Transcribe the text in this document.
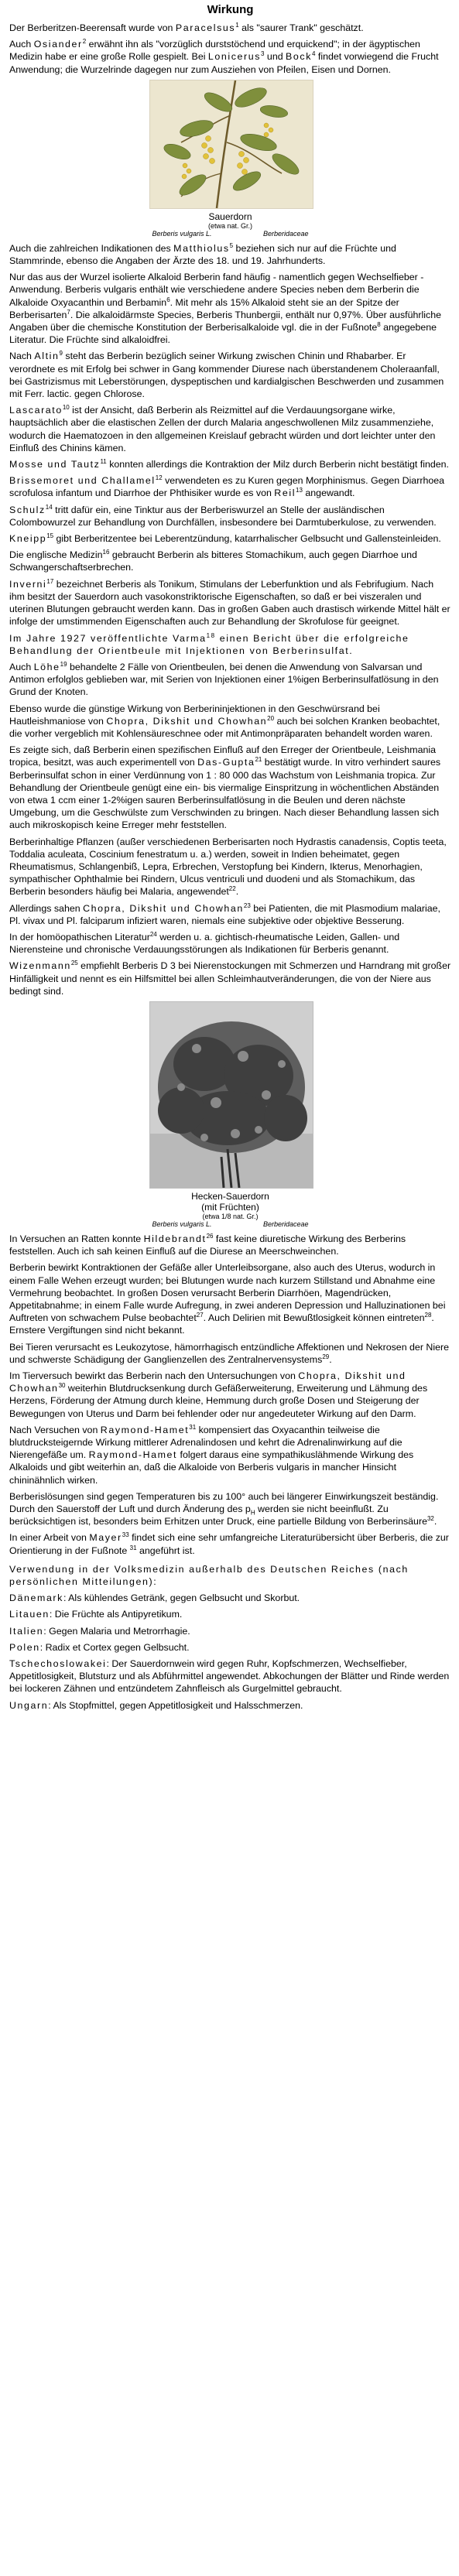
Wirkung

Der Berberitzen-Beerensaft wurde von Paracelsus$^1$ als "saurer Trank" geschätzt.

Auch Osiander$^2$ erwähnt ihn als "vorzüglich durststöchend und erquickend"; in der ägyptischen Medizin habe er eine große Rolle gespielt. Bei Lonicerus$^3$ und Bock$^4$ findet vorwiegend die Frucht Anwendung; die Wurzelrinde dagegen nur zum Ausziehen von Pfeilen, Eisen und Dornen.

Sauerdorn
(etwa nat. Gr.)
Berberis vulgaris L.	Berberidaceae

Auch die zahlreichen Indikationen des Matthiolus$^5$ beziehen sich nur auf die Früchte und Stammrinde, ebenso die Angaben der Ärzte des 18. und 19. Jahrhunderts.

Nur das aus der Wurzel isolierte Alkaloid Berberin fand häufig - namentlich gegen Wechselfieber - Anwendung. Berberis vulgaris enthält wie verschiedene andere Species neben dem Berberin die Alkaloide Oxyacanthin und Berbamin$^6$. Mit mehr als 15% Alkaloid steht sie an der Spitze der Berberisarten$^7$. Die alkaloidärmste Species, Berberis Thunbergii, enthält nur 0,97%. Über ausführliche Angaben über die chemische Konstitution der Berberisalkaloide vgl. die in der Fußnote$^8$ angegebene Literatur. Die Früchte sind alkaloidfrei.

Nach Altin$^9$ steht das Berberin bezüglich seiner Wirkung zwischen Chinin und Rhabarber. Er verordnete es mit Erfolg bei schwer in Gang kommender Diurese nach überstandenem Choleraanfall, bei Gastrizismus mit Leberstörungen, dyspeptischen und kardialgischen Beschwerden und zusammen mit Ferr. lactic. gegen Chlorose.

Lascarato$^{10}$ ist der Ansicht, daß Berberin als Reizmittel auf die Verdauungsorgane wirke, hauptsächlich aber die elastischen Zellen der durch Malaria angeschwollenen Milz zusammenziehe, wodurch die Haematozoen in den allgemeinen Kreislauf gebracht würden und dort leichter unter den Einfluß des Chinins kämen.

Mosse und Tautz$^{11}$ konnten allerdings die Kontraktion der Milz durch Berberin nicht bestätigt finden.

Brissemoret und Challamel$^{12}$ verwendeten es zu Kuren gegen Morphinismus. Gegen Diarrhoea scrofulosa infantum und Diarrhoe der Phthisiker wurde es von Reil$^{13}$ angewandt.

Schulz$^{14}$ tritt dafür ein, eine Tinktur aus der Berberiswurzel an Stelle der ausländischen Colombowurzel zur Behandlung von Durchfällen, insbesondere bei Darmtuberkulose, zu verwenden.

Kneipp$^{15}$ gibt Berberitzentee bei Leberentzündung, katarrhalischer Gelbsucht und Gallensteinleiden.

Die englische Medizin$^{16}$ gebraucht Berberin als bitteres Stomachikum, auch gegen Diarrhoe und Schwangerschaftserbrechen.

Inverni$^{17}$ bezeichnet Berberis als Tonikum, Stimulans der Leberfunktion und als Febrifugium. Nach ihm besitzt der Sauerdorn auch vasokonstriktorische Eigenschaften, so daß er bei viszeralen und uterinen Blutungen gebraucht werden kann. Das in großen Gaben auch drastisch wirkende Mittel hält er infolge der umstimmenden Eigenschaften auch zur Behandlung der Skrofulose für geeignet.

Im Jahre 1927 veröffentlichte Varma$^{18}$ einen Bericht über die erfolgreiche Behandlung der Orientbeule mit Injektionen von Berberinsulfat.

Auch Löhe$^{19}$ behandelte 2 Fälle von Orientbeulen, bei denen die Anwendung von Salvarsan und Antimon erfolglos geblieben war, mit Serien von Injektionen einer 1%igen Berberinsulfatlösung in den Grund der Knoten.

Ebenso wurde die günstige Wirkung von Berberininjektionen in den Geschwürsrand bei Hautleishmaniose von Chopra, Dikshit und Chowhan$^{20}$ auch bei solchen Kranken beobachtet, die vorher vergeblich mit Kohlensäureschnee oder mit Antimonpräparaten behandelt worden waren.

Es zeigte sich, daß Berberin einen spezifischen Einfluß auf den Erreger der Orientbeule, Leishmania tropica, besitzt, was auch experimentell von Das-Gupta$^{21}$ bestätigt wurde. In vitro verhindert saures Berberinsulfat schon in einer Verdünnung von 1 : 80 000 das Wachstum von Leishmania tropica. Zur Behandlung der Orientbeule genügt eine ein- bis viermalige Einspritzung in wöchentlichen Abständen von etwa 1 ccm einer 1-2%igen sauren Berberinsulfatlösung in die Beulen und deren nächste Umgebung, um die Geschwülste zum Verschwinden zu bringen. Nach dieser Behandlung lassen sich auch mikroskopisch keine Erreger mehr feststellen.

Berberinhaltige Pflanzen (außer verschiedenen Berberisarten noch Hydrastis canadensis, Coptis teeta, Toddalia aculeata, Coscinium fenestratum u. a.) werden, soweit in Indien beheimatet, gegen Rheumatismus, Schlangenbiß, Lepra, Erbrechen, Verstopfung bei Kindern, Ikterus, Menorhagien, sympathischer Ophthalmie bei Rindern, Ulcus ventriculi und duodeni und als Stomachikum, das Berberin besonders häufig bei Malaria, angewendet$^{22}$.

Allerdings sahen Chopra, Dikshit und Chowhan$^{23}$ bei Patienten, die mit Plasmodium malariae, Pl. vivax und Pl. falciparum infiziert waren, niemals eine subjektive oder objektive Besserung.

In der homöopathischen Literatur$^{24}$ werden u. a. gichtisch-rheumatische Leiden, Gallen- und Nierensteine und chronische Verdauungsstörungen als Indikationen für Berberis genannt.

Wizenmann$^{25}$ empfiehlt Berberis D 3 bei Nierenstockungen mit Schmerzen und Harndrang mit großer Hinfälligkeit und nennt es ein Hilfsmittel bei allen Schleimhautveränderungen, die von der Niere aus bedingt sind.

Hecken-Sauerdorn
(mit Früchten)
(etwa 1/8 nat. Gr.)
Berberis vulgaris L.	Berberidaceae

In Versuchen an Ratten konnte Hildebrandt$^{26}$ fast keine diuretische Wirkung des Berberins feststellen. Auch ich sah keinen Einfluß auf die Diurese an Meerschweinchen.

Berberin bewirkt Kontraktionen der Gefäße aller Unterleibsorgane, also auch des Uterus, wodurch in einem Falle Wehen erzeugt wurden; bei Blutungen wurde nach kurzem Stillstand und Abnahme eine Vermehrung beobachtet. In großen Dosen verursacht Berberin Diarrhöen, Magendrücken, Appetitabnahme; in einem Falle wurde Aufregung, in zwei anderen Depression und Halluzinationen bei Auftreten von schwachem Pulse beobachtet$^{27}$. Auch Delirien mit Bewußtlosigkeit können eintreten$^{28}$. Ernstere Vergiftungen sind nicht bekannt.

Bei Tieren verursacht es Leukozytose, hämorrhagisch entzündliche Affektionen und Nekrosen der Niere und schwerste Schädigung der Ganglienzellen des Zentralnervensystems$^{29}$.

Im Tierversuch bewirkt das Berberin nach den Untersuchungen von Chopra, Dikshit und Chowhan$^{30}$ weiterhin Blutdrucksenkung durch Gefäßerweiterung, Erweiterung und Lähmung des Herzens, Förderung der Atmung durch kleine, Hemmung durch große Dosen und Steigerung der Bewegungen von Uterus und Darm bei fehlender oder nur angedeuteter Wirkung auf den Darm.

Nach Versuchen von Raymond-Hamet$^{31}$ kompensiert das Oxyacanthin teilweise die blutdrucksteigernde Wirkung mittlerer Adrenalindosen und kehrt die Adrenalinwirkung auf die Nierengefäße um. Raymond-Hamet folgert daraus eine sympathikuslähmende Wirkung des Alkaloids und gibt weiterhin an, daß die Alkaloide von Berberis vulgaris in mancher Hinsicht chininähnlich wirken.

Berberislösungen sind gegen Temperaturen bis zu 100° auch bei längerer Einwirkungszeit beständig. Durch den Sauerstoff der Luft und durch Änderung des $p_H$ werden sie nicht beeinflußt. Zu berücksichtigen ist, besonders beim Erhitzen unter Druck, eine partielle Bildung von Berberinsäure$^{32}$.

In einer Arbeit von Mayer$^{33}$ findet sich eine sehr umfangreiche Literaturübersicht über Berberis, die zur Orientierung in der Fußnote $^{31}$ angeführt ist.

Verwendung in der Volksmedizin außerhalb des Deutschen Reiches (nach persönlichen Mitteilungen):

Dänemark: Als kühlendes Getränk, gegen Gelbsucht und Skorbut.

Litauen: Die Früchte als Antipyretikum.

Italien: Gegen Malaria und Metrorrhagie.

Polen: Radix et Cortex gegen Gelbsucht.

Tschechoslowakei: Der Sauerdornwein wird gegen Ruhr, Kopfschmerzen, Wechselfieber, Appetitlosigkeit, Blutsturz und als Abführmittel angewendet. Abkochungen der Blätter und Rinde werden bei lockeren Zähnen und entzündetem Zahnfleisch als Gurgelmittel gebraucht.

Ungarn: Als Stopfmittel, gegen Appetitlosigkeit und Halsschmerzen.
